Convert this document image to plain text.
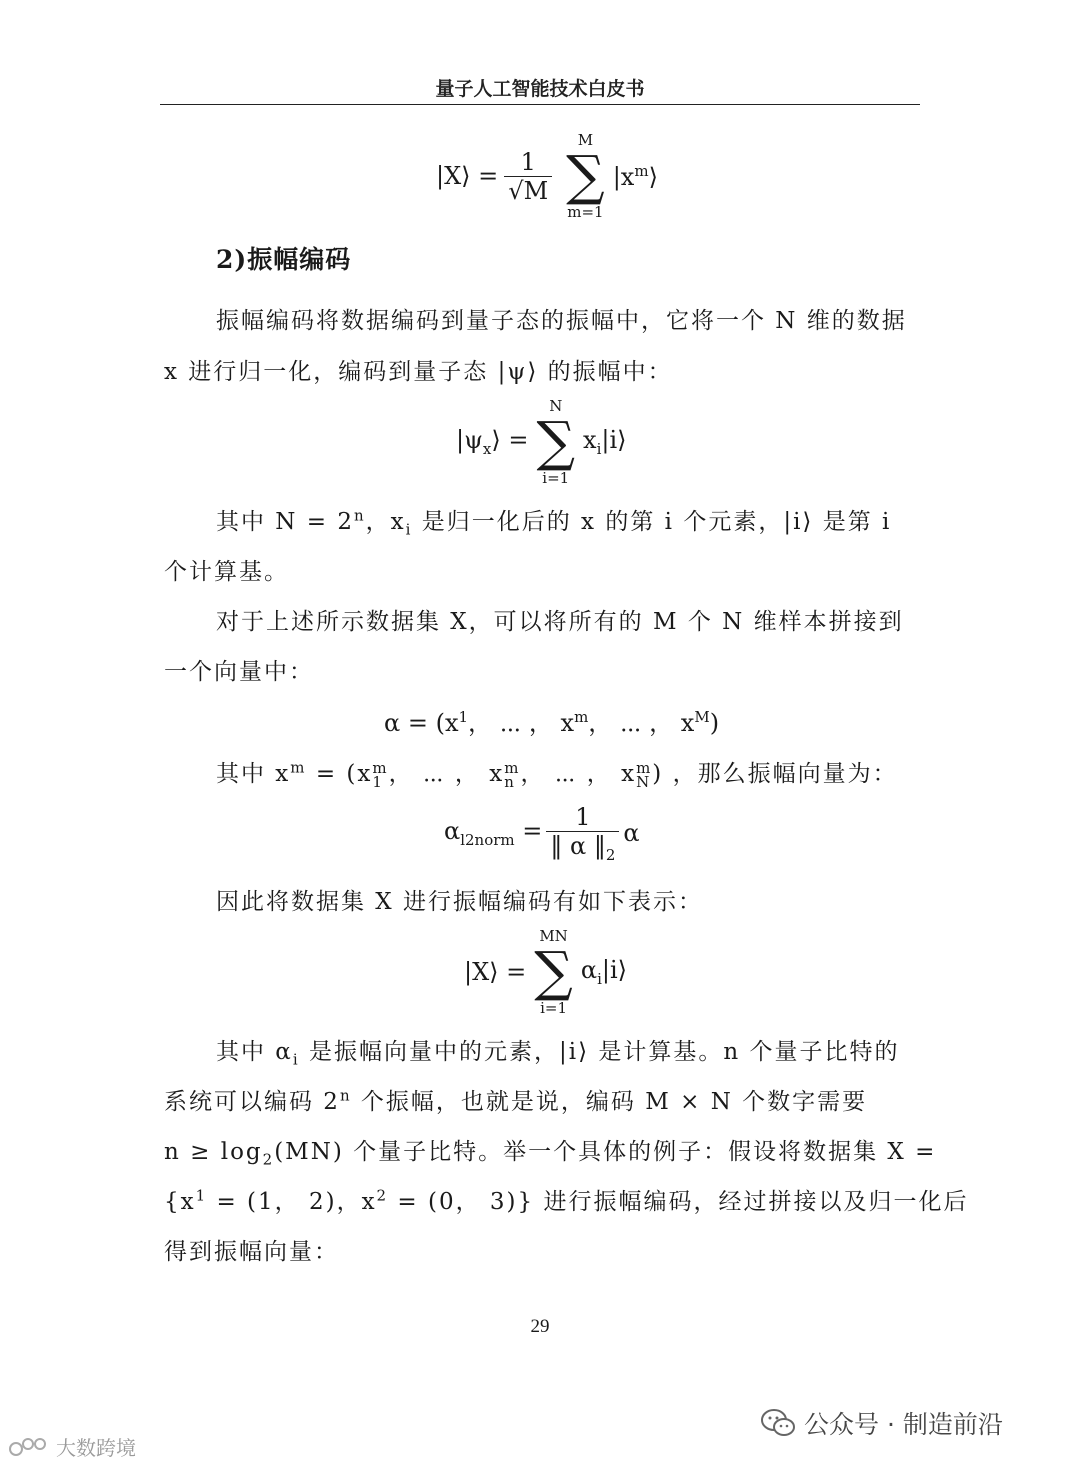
量子人工智能技术白皮书
|X⟩ = $\frac{1}{√M}$
M
∑
m=1
$|x^m⟩$
2)振幅编码
振幅编码将数据编码到量子态的振幅中，它将一个 N 维的数据
x 进行归一化，编码到量子态 |ψ⟩ 的振幅中：
$|\psi_x⟩$ =
N
∑
i=1
$x_i|i⟩$
其中 $N = 2^n$，$x_i$ 是归一化后的 x 的第 i 个元素，|i⟩ 是第 i
个计算基。
对于上述所示数据集 X，可以将所有的 M 个 N 维样本拼接到
一个向量中：
$\alpha = (x^1$， ⋯ ， $x^m$， ⋯ ， $x^M$)
其中 $x^m = (x$ m
1 ， ⋯ ， x m
n ， ⋯ ， x m
N ) ，那么振幅向量为：
$\alpha_{l2norm} = \frac{1}{‖ \alpha ‖_2}$ α
因此将数据集 X 进行振幅编码有如下表示：
|X⟩ =
MN
∑
i=1
$\alpha_i|i⟩$
其中 $\alpha_i$ 是振幅向量中的元素，|i⟩ 是计算基。n 个量子比特的
系统可以编码 2$^n$ 个振幅，也就是说，编码 M × N 个数字需要
$n \ge \log_2(MN)$ 个量子比特。举一个具体的例子：假设将数据集 X =
{$x^1 = (1$， 2)，$x^2 = (0$， 3)} 进行振幅编码，经过拼接以及归一化后
得到振幅向量：
29
公众号 · 制造前沿
大数跨境
